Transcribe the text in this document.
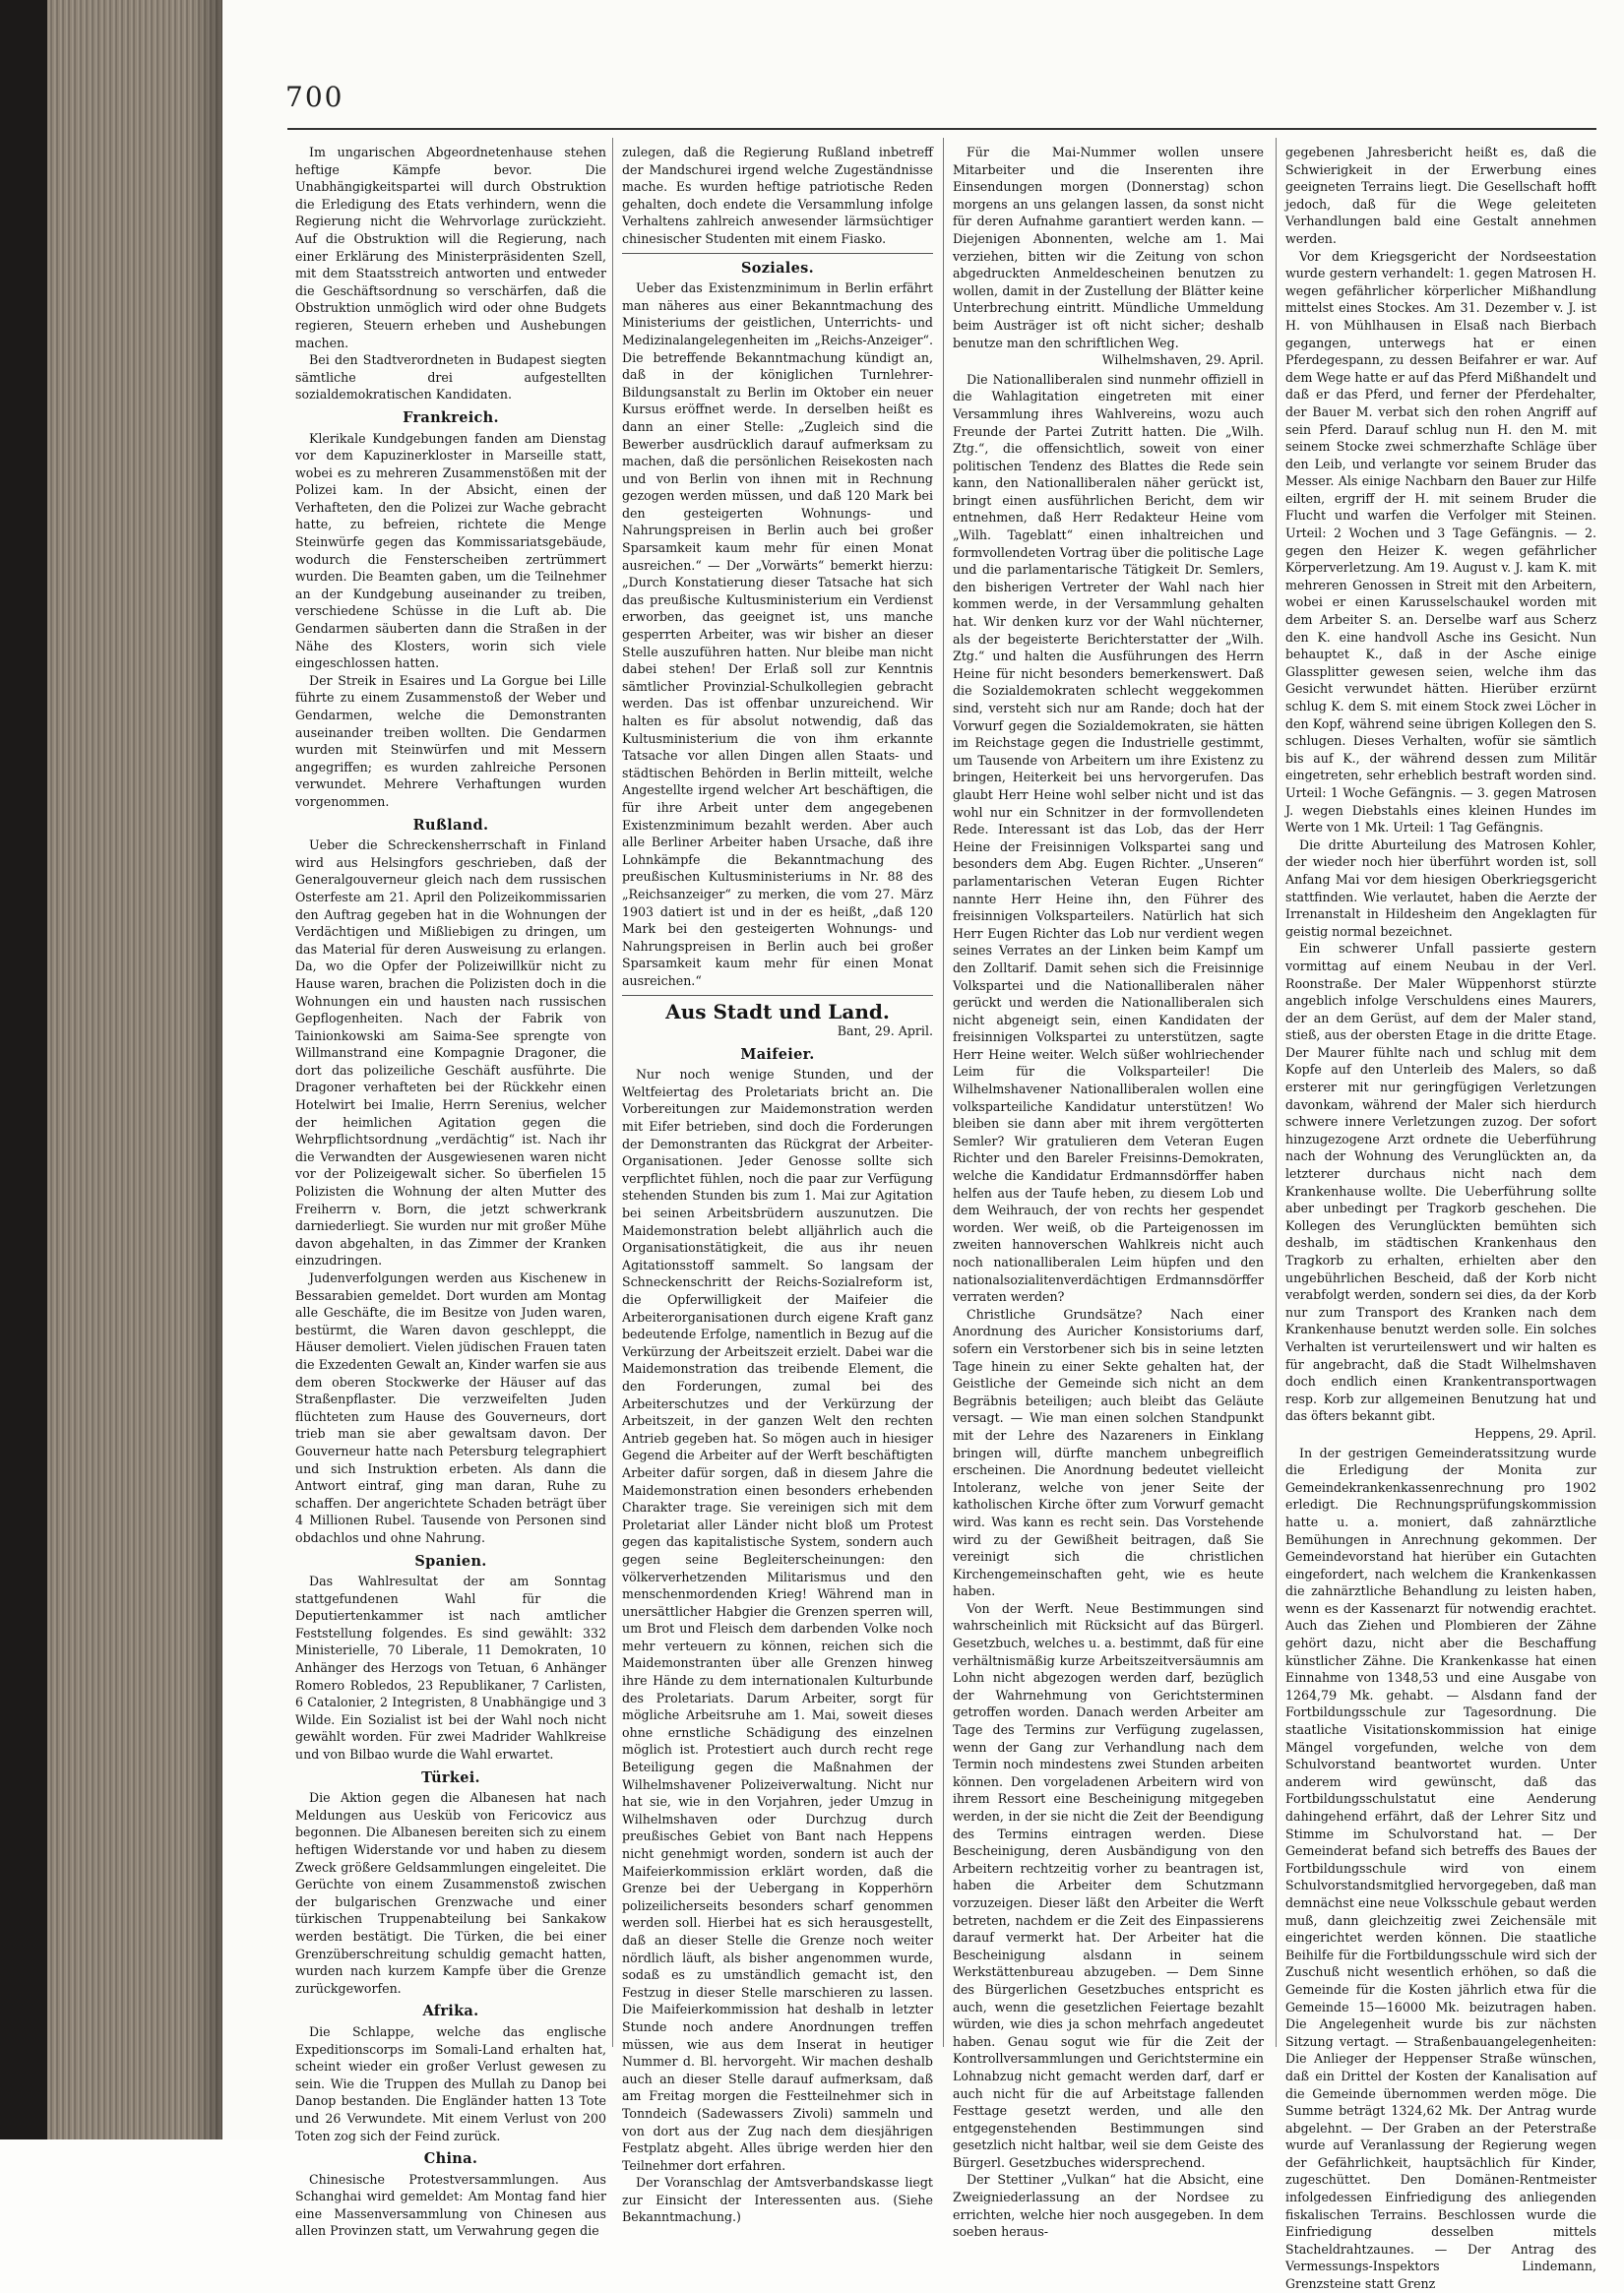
700

Im ungarischen Abgeordnetenhause stehen heftige Kämpfe bevor. Die Unabhängigkeitspartei will durch Obstruktion die Erledigung des Etats verhindern, wenn die Regierung nicht die Wehrvorlage zurückzieht. Auf die Obstruktion will die Regierung, nach einer Erklärung des Ministerpräsidenten Szell, mit dem Staatsstreich antworten und entweder die Geschäftsordnung so verschärfen, daß die Obstruktion unmöglich wird oder ohne Budgets regieren, Steuern erheben und Aushebungen machen.

Bei den Stadtverordneten in Budapest siegten sämtliche drei aufgestellten sozialdemokratischen Kandidaten.

Frankreich.

Klerikale Kundgebungen fanden am Dienstag vor dem Kapuzinerkloster in Marseille statt, wobei es zu mehreren Zusammenstößen mit der Polizei kam. In der Absicht, einen der Verhafteten, den die Polizei zur Wache gebracht hatte, zu befreien, richtete die Menge Steinwürfe gegen das Kommissariatsgebäude, wodurch die Fensterscheiben zertrümmert wurden. Die Beamten gaben, um die Teilnehmer an der Kundgebung auseinander zu treiben, verschiedene Schüsse in die Luft ab. Die Gendarmen säuberten dann die Straßen in der Nähe des Klosters, worin sich viele eingeschlossen hatten.

Der Streik in Esaires und La Gorgue bei Lille führte zu einem Zusammenstoß der Weber und Gendarmen, welche die Demonstranten auseinander treiben wollten. Die Gendarmen wurden mit Steinwürfen und mit Messern angegriffen; es wurden zahlreiche Personen verwundet. Mehrere Verhaftungen wurden vorgenommen.

Rußland.

Ueber die Schreckensherrschaft in Finland wird aus Helsingfors geschrieben, daß der Generalgouverneur gleich nach dem russischen Osterfeste am 21. April den Polizeikommissarien den Auftrag gegeben hat in die Wohnungen der Verdächtigen und Mißliebigen zu dringen, um das Material für deren Ausweisung zu erlangen. Da, wo die Opfer der Polizeiwillkür nicht zu Hause waren, brachen die Polizisten doch in die Wohnungen ein und hausten nach russischen Gepflogenheiten. Nach der Fabrik von Tainionkowski am Saima-See sprengte von Willmanstrand eine Kompagnie Dragoner, die dort das polizeiliche Geschäft ausführte. Die Dragoner verhafteten bei der Rückkehr einen Hotelwirt bei Imalie, Herrn Serenius, welcher der heimlichen Agitation gegen die Wehrpflichtsordnung „verdächtig“ ist. Nach ihr die Verwandten der Ausgewiesenen waren nicht vor der Polizeigewalt sicher. So überfielen 15 Polizisten die Wohnung der alten Mutter des Freiherrn v. Born, die jetzt schwerkrank darniederliegt. Sie wurden nur mit großer Mühe davon abgehalten, in das Zimmer der Kranken einzudringen.

Judenverfolgungen werden aus Kischenew in Bessarabien gemeldet. Dort wurden am Montag alle Geschäfte, die im Besitze von Juden waren, bestürmt, die Waren davon geschleppt, die Häuser demoliert. Vielen jüdischen Frauen taten die Exzedenten Gewalt an, Kinder warfen sie aus dem oberen Stockwerke der Häuser auf das Straßenpflaster. Die verzweifelten Juden flüchteten zum Hause des Gouverneurs, dort trieb man sie aber gewaltsam davon. Der Gouverneur hatte nach Petersburg telegraphiert und sich Instruktion erbeten. Als dann die Antwort eintraf, ging man daran, Ruhe zu schaffen. Der angerichtete Schaden beträgt über 4 Millionen Rubel. Tausende von Personen sind obdachlos und ohne Nahrung.

Spanien.

Das Wahlresultat der am Sonntag stattgefundenen Wahl für die Deputiertenkammer ist nach amtlicher Feststellung folgendes. Es sind gewählt: 332 Ministerielle, 70 Liberale, 11 Demokraten, 10 Anhänger des Herzogs von Tetuan, 6 Anhänger Romero Robledos, 23 Republikaner, 7 Carlisten, 6 Catalonier, 2 Integristen, 8 Unabhängige und 3 Wilde. Ein Sozialist ist bei der Wahl noch nicht gewählt worden. Für zwei Madrider Wahlkreise und von Bilbao wurde die Wahl erwartet.

Türkei.

Die Aktion gegen die Albanesen hat nach Meldungen aus Uesküb von Fericovicz aus begonnen. Die Albanesen bereiten sich zu einem heftigen Widerstande vor und haben zu diesem Zweck größere Geldsammlungen eingeleitet. Die Gerüchte von einem Zusammenstoß zwischen der bulgarischen Grenzwache und einer türkischen Truppenabteilung bei Sankakow werden bestätigt. Die Türken, die bei einer Grenzüberschreitung schuldig gemacht hatten, wurden nach kurzem Kampfe über die Grenze zurückgeworfen.

Afrika.

Die Schlappe, welche das englische Expeditionscorps im Somali-Land erhalten hat, scheint wieder ein großer Verlust gewesen zu sein. Wie die Truppen des Mullah zu Danop bei Danop bestanden. Die Engländer hatten 13 Tote und 26 Verwundete. Mit einem Verlust von 200 Toten zog sich der Feind zurück.

China.

Chinesische Protestversammlungen. Aus Schanghai wird gemeldet: Am Montag fand hier eine Massenversammlung von Chinesen aus allen Provinzen statt, um Verwahrung gegen die

zulegen, daß die Regierung Rußland inbetreff der Mandschurei irgend welche Zugeständnisse mache. Es wurden heftige patriotische Reden gehalten, doch endete die Versammlung infolge Verhaltens zahlreich anwesender lärmsüchtiger chinesischer Studenten mit einem Fiasko.

Soziales.

Ueber das Existenzminimum in Berlin erfährt man näheres aus einer Bekanntmachung des Ministeriums der geistlichen, Unterrichts- und Medizinalangelegenheiten im „Reichs-Anzeiger“. Die betreffende Bekanntmachung kündigt an, daß in der königlichen Turnlehrer-Bildungsanstalt zu Berlin im Oktober ein neuer Kursus eröffnet werde. In derselben heißt es dann an einer Stelle: „Zugleich sind die Bewerber ausdrücklich darauf aufmerksam zu machen, daß die persönlichen Reisekosten nach und von Berlin von ihnen mit in Rechnung gezogen werden müssen, und daß 120 Mark bei den gesteigerten Wohnungs- und Nahrungspreisen in Berlin auch bei großer Sparsamkeit kaum mehr für einen Monat ausreichen.“ — Der „Vorwärts“ bemerkt hierzu: „Durch Konstatierung dieser Tatsache hat sich das preußische Kultusministerium ein Verdienst erworben, das geeignet ist, uns manche gesperrten Arbeiter, was wir bisher an dieser Stelle auszuführen hatten. Nur bleibe man nicht dabei stehen! Der Erlaß soll zur Kenntnis sämtlicher Provinzial-Schulkollegien gebracht werden. Das ist offenbar unzureichend. Wir halten es für absolut notwendig, daß das Kultusministerium die von ihm erkannte Tatsache vor allen Dingen allen Staats- und städtischen Behörden in Berlin mitteilt, welche Angestellte irgend welcher Art beschäftigen, die für ihre Arbeit unter dem angegebenen Existenzminimum bezahlt werden. Aber auch alle Berliner Arbeiter haben Ursache, daß ihre Lohnkämpfe die Bekanntmachung des preußischen Kultusministeriums in Nr. 88 des „Reichsanzeiger“ zu merken, die vom 27. März 1903 datiert ist und in der es heißt, „daß 120 Mark bei den gesteigerten Wohnungs- und Nahrungspreisen in Berlin auch bei großer Sparsamkeit kaum mehr für einen Monat ausreichen.“

Aus Stadt und Land.
Bant, 29. April.
Maifeier.

Nur noch wenige Stunden, und der Weltfeiertag des Proletariats bricht an. Die Vorbereitungen zur Maidemonstration werden mit Eifer betrieben, sind doch die Forderungen der Demonstranten das Rückgrat der Arbeiter-Organisationen. Jeder Genosse sollte sich verpflichtet fühlen, noch die paar zur Verfügung stehenden Stunden bis zum 1. Mai zur Agitation bei seinen Arbeitsbrüdern auszunutzen. Die Maidemonstration belebt alljährlich auch die Organisationstätigkeit, die aus ihr neuen Agitationsstoff sammelt. So langsam der Schneckenschritt der Reichs-Sozialreform ist, die Opferwilligkeit der Maifeier die Arbeiterorganisationen durch eigene Kraft ganz bedeutende Erfolge, namentlich in Bezug auf die Verkürzung der Arbeitszeit erzielt. Dabei war die Maidemonstration das treibende Element, die den Forderungen, zumal bei des Arbeiterschutzes und der Verkürzung der Arbeitszeit, in der ganzen Welt den rechten Antrieb gegeben hat. So mögen auch in hiesiger Gegend die Arbeiter auf der Werft beschäftigten Arbeiter dafür sorgen, daß in diesem Jahre die Maidemonstration einen besonders erhebenden Charakter trage. Sie vereinigen sich mit dem Proletariat aller Länder nicht bloß um Protest gegen das kapitalistische System, sondern auch gegen seine Begleiterscheinungen: den völkerverhetzenden Militarismus und den menschenmordenden Krieg! Während man in unersättlicher Habgier die Grenzen sperren will, um Brot und Fleisch dem darbenden Volke noch mehr verteuern zu können, reichen sich die Maidemonstranten über alle Grenzen hinweg ihre Hände zu dem internationalen Kulturbunde des Proletariats. Darum Arbeiter, sorgt für mögliche Arbeitsruhe am 1. Mai, soweit dieses ohne ernstliche Schädigung des einzelnen möglich ist. Protestiert auch durch recht rege Beteiligung gegen die Maßnahmen der Wilhelmshavener Polizeiverwaltung. Nicht nur hat sie, wie in den Vorjahren, jeder Umzug in Wilhelmshaven oder Durchzug durch preußisches Gebiet von Bant nach Heppens nicht genehmigt worden, sondern ist auch der Maifeierkommission erklärt worden, daß die Grenze bei der Uebergang in Kopperhörn polizeilicherseits besonders scharf genommen werden soll. Hierbei hat es sich herausgestellt, daß an dieser Stelle die Grenze noch weiter nördlich läuft, als bisher angenommen wurde, sodaß es zu umständlich gemacht ist, den Festzug in dieser Stelle marschieren zu lassen. Die Maifeierkommission hat deshalb in letzter Stunde noch andere Anordnungen treffen müssen, wie aus dem Inserat in heutiger Nummer d. Bl. hervorgeht. Wir machen deshalb auch an dieser Stelle darauf aufmerksam, daß am Freitag morgen die Festteilnehmer sich in Tonndeich (Sadewassers Zivoli) sammeln und von dort aus der Zug nach dem diesjährigen Festplatz abgeht. Alles übrige werden hier den Teilnehmer dort erfahren.

Der Voranschlag der Amtsverbandskasse liegt zur Einsicht der Interessenten aus. (Siehe Bekanntmachung.)

Für die Mai-Nummer wollen unsere Mitarbeiter und die Inserenten ihre Einsendungen morgen (Donnerstag) schon morgens an uns gelangen lassen, da sonst nicht für deren Aufnahme garantiert werden kann. — Diejenigen Abonnenten, welche am 1. Mai verziehen, bitten wir die Zeitung von schon abgedruckten Anmeldescheinen benutzen zu wollen, damit in der Zustellung der Blätter keine Unterbrechung eintritt. Mündliche Ummeldung beim Austräger ist oft nicht sicher; deshalb benutze man den schriftlichen Weg.

Wilhelmshaven, 29. April.

Die Nationalliberalen sind nunmehr offiziell in die Wahlagitation eingetreten mit einer Versammlung ihres Wahlvereins, wozu auch Freunde der Partei Zutritt hatten. Die „Wilh. Ztg.“, die offensichtlich, soweit von einer politischen Tendenz des Blattes die Rede sein kann, den Nationalliberalen näher gerückt ist, bringt einen ausführlichen Bericht, dem wir entnehmen, daß Herr Redakteur Heine vom „Wilh. Tageblatt“ einen inhaltreichen und formvollendeten Vortrag über die politische Lage und die parlamentarische Tätigkeit Dr. Semlers, den bisherigen Vertreter der Wahl nach hier kommen werde, in der Versammlung gehalten hat. Wir denken kurz vor der Wahl nüchterner, als der begeisterte Berichterstatter der „Wilh. Ztg.“ und halten die Ausführungen des Herrn Heine für nicht besonders bemerkenswert. Daß die Sozialdemokraten schlecht weggekommen sind, versteht sich nur am Rande; doch hat der Vorwurf gegen die Sozialdemokraten, sie hätten im Reichstage gegen die Industrielle gestimmt, um Tausende von Arbeitern um ihre Existenz zu bringen, Heiterkeit bei uns hervorgerufen. Das glaubt Herr Heine wohl selber nicht und ist das wohl nur ein Schnitzer in der formvollendeten Rede. Interessant ist das Lob, das der Herr Heine der Freisinnigen Volkspartei sang und besonders dem Abg. Eugen Richter. „Unseren“ parlamentarischen Veteran Eugen Richter nannte Herr Heine ihn, den Führer des freisinnigen Volksparteilers. Natürlich hat sich Herr Eugen Richter das Lob nur verdient wegen seines Verrates an der Linken beim Kampf um den Zolltarif. Damit sehen sich die Freisinnige Volkspartei und die Nationalliberalen näher gerückt und werden die Nationalliberalen sich nicht abgeneigt sein, einen Kandidaten der freisinnigen Volkspartei zu unterstützen, sagte Herr Heine weiter. Welch süßer wohlriechender Leim für die Volksparteiler! Die Wilhelmshavener Nationalliberalen wollen eine volksparteiliche Kandidatur unterstützen! Wo bleiben sie dann aber mit ihrem vergötterten Semler? Wir gratulieren dem Veteran Eugen Richter und den Bareler Freisinns-Demokraten, welche die Kandidatur Erdmannsdörffer haben helfen aus der Taufe heben, zu diesem Lob und dem Weihrauch, der von rechts her gespendet worden. Wer weiß, ob die Parteigenossen im zweiten hannoverschen Wahlkreis nicht auch noch nationalliberalen Leim hüpfen und den nationalsozialitenverdächtigen Erdmannsdörffer verraten werden?

Christliche Grundsätze? Nach einer Anordnung des Auricher Konsistoriums darf, sofern ein Verstorbener sich bis in seine letzten Tage hinein zu einer Sekte gehalten hat, der Geistliche der Gemeinde sich nicht an dem Begräbnis beteiligen; auch bleibt das Geläute versagt. — Wie man einen solchen Standpunkt mit der Lehre des Nazareners in Einklang bringen will, dürfte manchem unbegreiflich erscheinen. Die Anordnung bedeutet vielleicht Intoleranz, welche von jener Seite der katholischen Kirche öfter zum Vorwurf gemacht wird. Was kann es recht sein. Das Vorstehende wird zu der Gewißheit beitragen, daß Sie vereinigt sich die christlichen Kirchengemeinschaften geht, wie es heute haben.

Von der Werft. Neue Bestimmungen sind wahrscheinlich mit Rücksicht auf das Bürgerl. Gesetzbuch, welches u. a. bestimmt, daß für eine verhältnismäßig kurze Arbeitszeitversäumnis am Lohn nicht abgezogen werden darf, bezüglich der Wahrnehmung von Gerichtsterminen getroffen worden. Danach werden Arbeiter am Tage des Termins zur Verfügung zugelassen, wenn der Gang zur Verhandlung nach dem Termin noch mindestens zwei Stunden arbeiten können. Den vorgeladenen Arbeitern wird von ihrem Ressort eine Bescheinigung mitgegeben werden, in der sie nicht die Zeit der Beendigung des Termins eintragen werden. Diese Bescheinigung, deren Ausbändigung von den Arbeitern rechtzeitig vorher zu beantragen ist, haben die Arbeiter dem Schutzmann vorzuzeigen. Dieser läßt den Arbeiter die Werft betreten, nachdem er die Zeit des Einpassierens darauf vermerkt hat. Der Arbeiter hat die Bescheinigung alsdann in seinem Werkstättenbureau abzugeben. — Dem Sinne des Bürgerlichen Gesetzbuches entspricht es auch, wenn die gesetzlichen Feiertage bezahlt würden, wie dies ja schon mehrfach angedeutet haben. Genau sogut wie für die Zeit der Kontrollversammlungen und Gerichtstermine ein Lohnabzug nicht gemacht werden darf, darf er auch nicht für die auf Arbeitstage fallenden Festtage gesetzt werden, und alle den entgegenstehenden Bestimmungen sind gesetzlich nicht haltbar, weil sie dem Geiste des Bürgerl. Gesetzbuches widersprechend.

Der Stettiner „Vulkan“ hat die Absicht, eine Zweigniederlassung an der Nordsee zu errichten, welche hier noch ausgegeben. In dem soeben heraus-

gegebenen Jahresbericht heißt es, daß die Schwierigkeit in der Erwerbung eines geeigneten Terrains liegt. Die Gesellschaft hofft jedoch, daß für die Wege geleiteten Verhandlungen bald eine Gestalt annehmen werden.

Vor dem Kriegsgericht der Nordseestation wurde gestern verhandelt: 1. gegen Matrosen H. wegen gefährlicher körperlicher Mißhandlung mittelst eines Stockes. Am 31. Dezember v. J. ist H. von Mühlhausen in Elsaß nach Bierbach gegangen, unterwegs hat er einen Pferdegespann, zu dessen Beifahrer er war. Auf dem Wege hatte er auf das Pferd Mißhandelt und daß er das Pferd, und ferner der Pferdehalter, der Bauer M. verbat sich den rohen Angriff auf sein Pferd. Darauf schlug nun H. den M. mit seinem Stocke zwei schmerzhafte Schläge über den Leib, und verlangte vor seinem Bruder das Messer. Als einige Nachbarn den Bauer zur Hilfe eilten, ergriff der H. mit seinem Bruder die Flucht und warfen die Verfolger mit Steinen. Urteil: 2 Wochen und 3 Tage Gefängnis. — 2. gegen den Heizer K. wegen gefährlicher Körperverletzung. Am 19. August v. J. kam K. mit mehreren Genossen in Streit mit den Arbeitern, wobei er einen Karusselschaukel worden mit dem Arbeiter S. an. Derselbe warf aus Scherz den K. eine handvoll Asche ins Gesicht. Nun behauptet K., daß in der Asche einige Glassplitter gewesen seien, welche ihm das Gesicht verwundet hätten. Hierüber erzürnt schlug K. dem S. mit einem Stock zwei Löcher in den Kopf, während seine übrigen Kollegen den S. schlugen. Dieses Verhalten, wofür sie sämtlich bis auf K., der während dessen zum Militär eingetreten, sehr erheblich bestraft worden sind. Urteil: 1 Woche Gefängnis. — 3. gegen Matrosen J. wegen Diebstahls eines kleinen Hundes im Werte von 1 Mk. Urteil: 1 Tag Gefängnis.

Die dritte Aburteilung des Matrosen Kohler, der wieder noch hier überführt worden ist, soll Anfang Mai vor dem hiesigen Oberkriegsgericht stattfinden. Wie verlautet, haben die Aerzte der Irrenanstalt in Hildesheim den Angeklagten für geistig normal bezeichnet.

Ein schwerer Unfall passierte gestern vormittag auf einem Neubau in der Verl. Roonstraße. Der Maler Wüppenhorst stürzte angeblich infolge Verschuldens eines Maurers, der an dem Gerüst, auf dem der Maler stand, stieß, aus der obersten Etage in die dritte Etage. Der Maurer fühlte nach und schlug mit dem Kopfe auf den Unterleib des Malers, so daß ersterer mit nur geringfügigen Verletzungen davonkam, während der Maler sich hierdurch schwere innere Verletzungen zuzog. Der sofort hinzugezogene Arzt ordnete die Ueberführung nach der Wohnung des Verunglückten an, da letzterer durchaus nicht nach dem Krankenhause wollte. Die Ueberführung sollte aber unbedingt per Tragkorb geschehen. Die Kollegen des Verunglückten bemühten sich deshalb, im städtischen Krankenhaus den Tragkorb zu erhalten, erhielten aber den ungebührlichen Bescheid, daß der Korb nicht verabfolgt werden, sondern sei dies, da der Korb nur zum Transport des Kranken nach dem Krankenhause benutzt werden solle. Ein solches Verhalten ist verurteilenswert und wir halten es für angebracht, daß die Stadt Wilhelmshaven doch endlich einen Krankentransportwagen resp. Korb zur allgemeinen Benutzung hat und das öfters bekannt gibt.

Heppens, 29. April.

In der gestrigen Gemeinderatssitzung wurde die Erledigung der Monita zur Gemeindekrankenkassenrechnung pro 1902 erledigt. Die Rechnungsprüfungskommission hatte u. a. moniert, daß zahnärztliche Bemühungen in Anrechnung gekommen. Der Gemeindevorstand hat hierüber ein Gutachten eingefordert, nach welchem die Krankenkassen die zahnärztliche Behandlung zu leisten haben, wenn es der Kassenarzt für notwendig erachtet. Auch das Ziehen und Plombieren der Zähne gehört dazu, nicht aber die Beschaffung künstlicher Zähne. Die Krankenkasse hat einen Einnahme von 1348,53 und eine Ausgabe von 1264,79 Mk. gehabt. — Alsdann fand der Fortbildungsschule zur Tagesordnung. Die staatliche Visitationskommission hat einige Mängel vorgefunden, welche von dem Schulvorstand beantwortet wurden. Unter anderem wird gewünscht, daß das Fortbildungsschulstatut eine Aenderung dahingehend erfährt, daß der Lehrer Sitz und Stimme im Schulvorstand hat. — Der Gemeinderat befand sich betreffs des Baues der Fortbildungsschule wird von einem Schulvorstandsmitglied hervorgegeben, daß man demnächst eine neue Volksschule gebaut werden muß, dann gleichzeitig zwei Zeichensäle mit eingerichtet werden können. Die staatliche Beihilfe für die Fortbildungsschule wird sich der Zuschuß nicht wesentlich erhöhen, so daß die Gemeinde für die Kosten jährlich etwa für die Gemeinde 15—16000 Mk. beizutragen haben. Die Angelegenheit wurde bis zur nächsten Sitzung vertagt. — Straßenbauangelegenheiten: Die Anlieger der Heppenser Straße wünschen, daß ein Drittel der Kosten der Kanalisation auf die Gemeinde übernommen werden möge. Die Summe beträgt 1324,62 Mk. Der Antrag wurde abgelehnt. — Der Graben an der Peterstraße wurde auf Veranlassung der Regierung wegen der Gefährlichkeit, hauptsächlich für Kinder, zugeschüttet. Den Domänen-Rentmeister infolgedessen Einfriedigung des anliegenden fiskalischen Terrains. Beschlossen wurde die Einfriedigung desselben mittels Stacheldrahtzaunes. — Der Antrag des Vermessungs-Inspektors Lindemann, Grenzsteine statt Grenz
